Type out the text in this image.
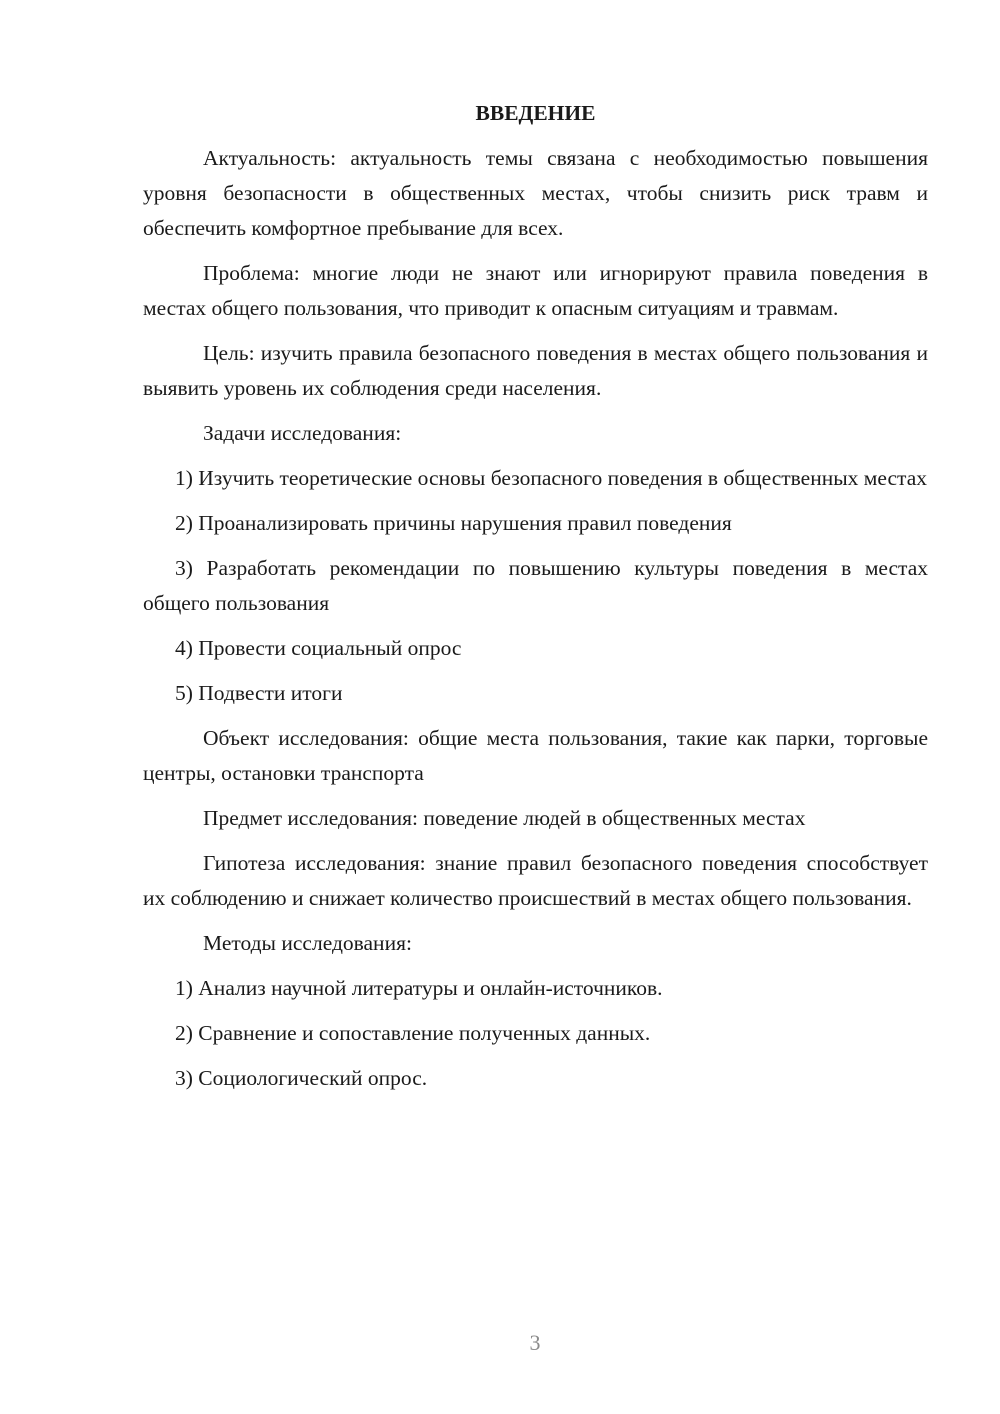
ВВЕДЕНИЕ

Актуальность: актуальность темы связана с необходимостью повышения уровня безопасности в общественных местах, чтобы снизить риск травм и обеспечить комфортное пребывание для всех.

Проблема: многие люди не знают или игнорируют правила поведения в местах общего пользования, что приводит к опасным ситуациям и травмам.

Цель: изучить правила безопасного поведения в местах общего пользования и выявить уровень их соблюдения среди населения.

Задачи исследования:

1) Изучить теоретические основы безопасного поведения в общественных местах

2) Проанализировать причины нарушения правил поведения

3) Разработать рекомендации по повышению культуры поведения в местах общего пользования

4) Провести социальный опрос

5) Подвести итоги

Объект исследования: общие места пользования, такие как парки, торговые центры, остановки транспорта

Предмет исследования: поведение людей в общественных местах

Гипотеза исследования: знание правил безопасного поведения способствует их соблюдению и снижает количество происшествий в местах общего пользования.

Методы исследования:

1) Анализ научной литературы и онлайн-источников.

2) Сравнение и сопоставление полученных данных.

3) Социологический опрос.

3
